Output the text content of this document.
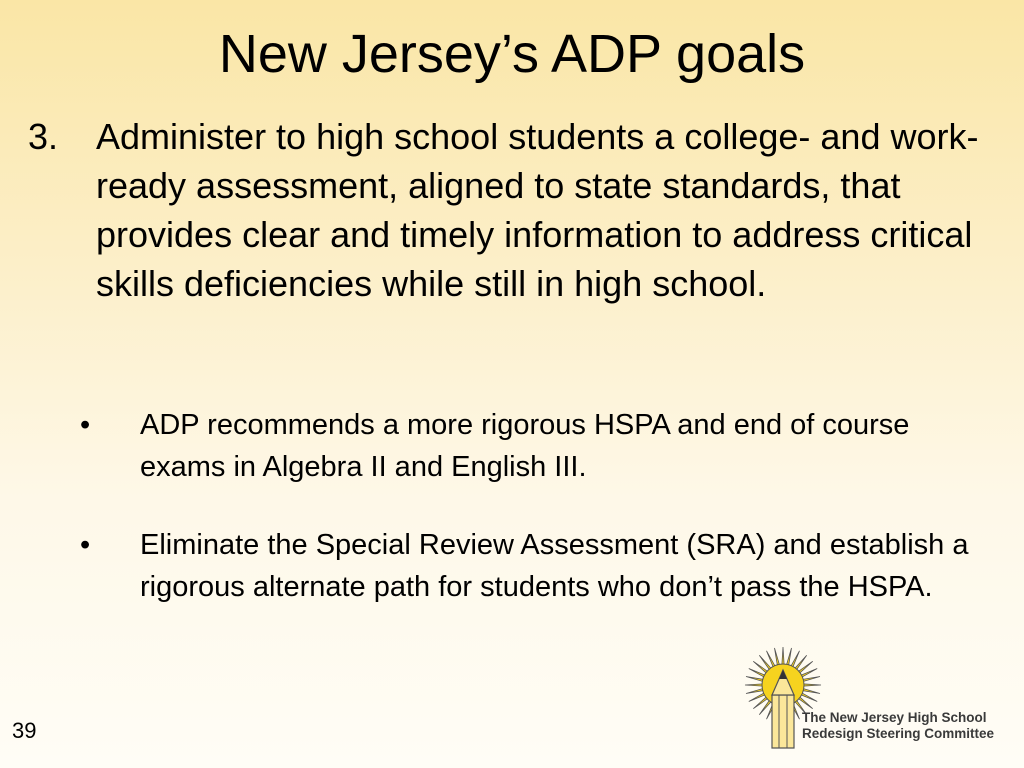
New Jersey’s ADP goals
3. Administer to high school students a college- and work-ready assessment, aligned to state standards, that provides clear and timely information to address critical skills deficiencies while still in high school.
• ADP recommends a more rigorous HSPA and end of course exams in Algebra II and English III.
• Eliminate the Special Review Assessment (SRA) and establish a rigorous alternate path for students who don’t pass the HSPA.
39
The New Jersey High School
Redesign Steering Committee
